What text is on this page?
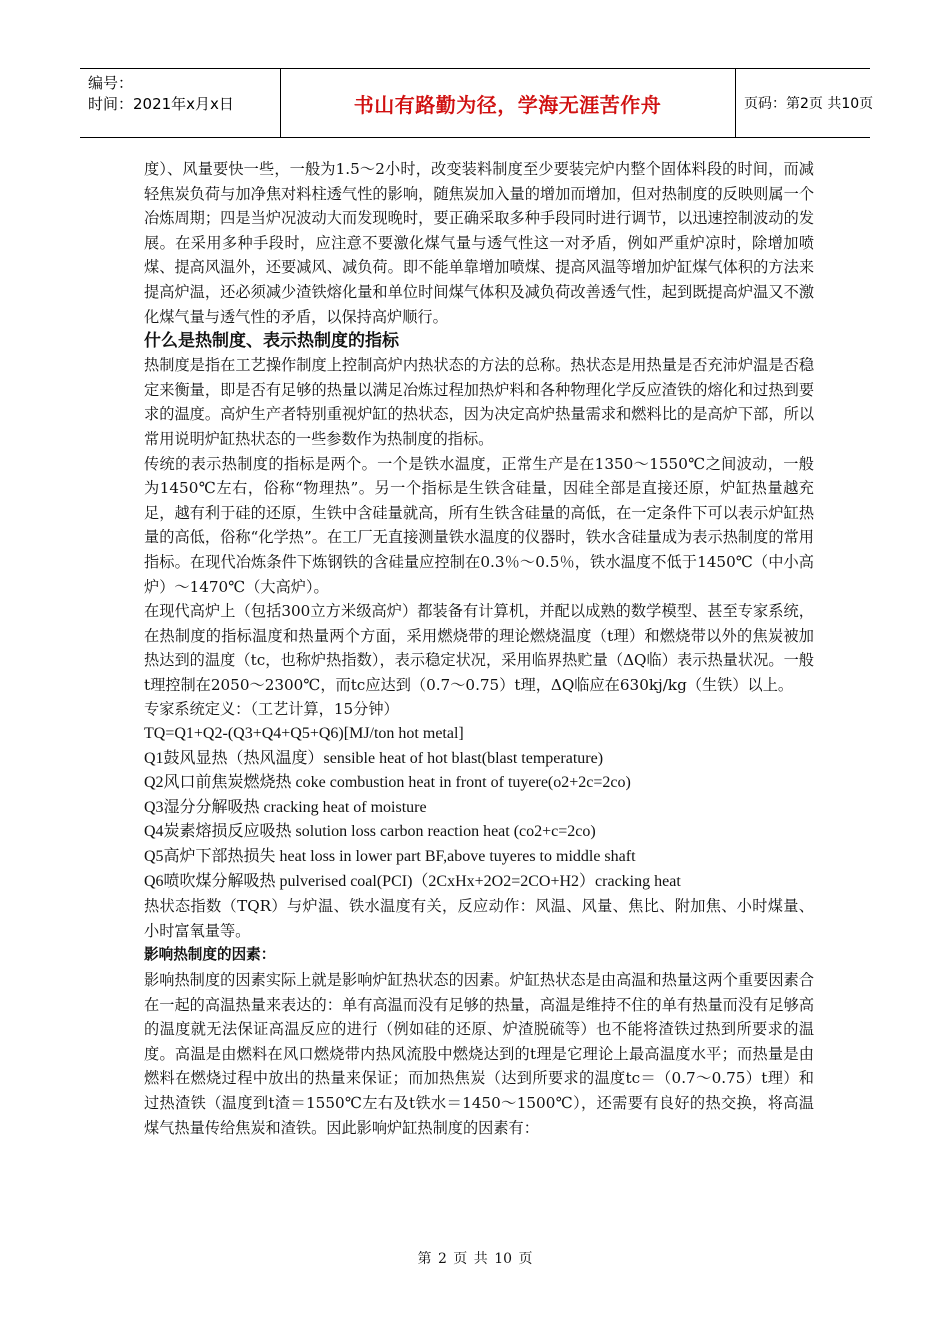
编号：
时间：2021年x月x日	书山有路勤为径，学海无涯苦作舟	页码：第2页 共10页

度）、风量要快一些，一般为1.5～2小时，改变装料制度至少要装完炉内整个固体料段的时间，而减轻焦炭负荷与加净焦对料柱透气性的影响，随焦炭加入量的增加而增加，但对热制度的反映则属一个冶炼周期；四是当炉况波动大而发现晚时，要正确采取多种手段同时进行调节，以迅速控制波动的发展。在采用多种手段时，应注意不要激化煤气量与透气性这一对矛盾，例如严重炉凉时，除增加喷煤、提高风温外，还要减风、减负荷。即不能单靠增加喷煤、提高风温等增加炉缸煤气体积的方法来提高炉温，还必须减少渣铁熔化量和单位时间煤气体积及减负荷改善透气性，起到既提高炉温又不激化煤气量与透气性的矛盾，以保持高炉顺行。

什么是热制度、表示热制度的指标

热制度是指在工艺操作制度上控制高炉内热状态的方法的总称。热状态是用热量是否充沛炉温是否稳定来衡量，即是否有足够的热量以满足冶炼过程加热炉料和各种物理化学反应渣铁的熔化和过热到要求的温度。高炉生产者特别重视炉缸的热状态，因为决定高炉热量需求和燃料比的是高炉下部，所以常用说明炉缸热状态的一些参数作为热制度的指标。

传统的表示热制度的指标是两个。一个是铁水温度，正常生产是在1350～1550℃之间波动，一般为1450℃左右，俗称“物理热”。另一个指标是生铁含硅量，因硅全部是直接还原，炉缸热量越充足，越有利于硅的还原，生铁中含硅量就高，所有生铁含硅量的高低，在一定条件下可以表示炉缸热量的高低，俗称“化学热”。在工厂无直接测量铁水温度的仪器时，铁水含硅量成为表示热制度的常用指标。在现代冶炼条件下炼钢铁的含硅量应控制在0.3％～0.5％，铁水温度不低于1450℃（中小高炉）～1470℃（大高炉）。

在现代高炉上（包括300立方米级高炉）都装备有计算机，并配以成熟的数学模型、甚至专家系统，在热制度的指标温度和热量两个方面，采用燃烧带的理论燃烧温度（t理）和燃烧带以外的焦炭被加热达到的温度（tc，也称炉热指数），表示稳定状况，采用临界热贮量（ΔQ临）表示热量状况。一般t理控制在2050～2300℃，而tc应达到（0.7～0.75）t理，ΔQ临应在630kj/kg（生铁）以上。

专家系统定义：（工艺计算，15分钟）

TQ=Q1+Q2-(Q3+Q4+Q5+Q6)[MJ/ton hot metal]

Q1鼓风显热（热风温度）sensible heat of hot blast(blast temperature)

Q2风口前焦炭燃烧热 coke combustion heat in front of tuyere(o2+2c=2co)

Q3湿分分解吸热 cracking heat of moisture

Q4炭素熔损反应吸热 solution loss carbon reaction heat (co2+c=2co)

Q5高炉下部热损失 heat loss in lower part BF,above tuyeres to middle shaft

Q6喷吹煤分解吸热 pulverised coal(PCI)（2CxHx+2O2=2CO+H2）cracking heat

热状态指数（TQR）与炉温、铁水温度有关，反应动作：风温、风量、焦比、附加焦、小时煤量、小时富氧量等。

影响热制度的因素：

影响热制度的因素实际上就是影响炉缸热状态的因素。炉缸热状态是由高温和热量这两个重要因素合在一起的高温热量来表达的：单有高温而没有足够的热量，高温是维持不住的单有热量而没有足够高的温度就无法保证高温反应的进行（例如硅的还原、炉渣脱硫等）也不能将渣铁过热到所要求的温度。高温是由燃料在风口燃烧带内热风流股中燃烧达到的t理是它理论上最高温度水平；而热量是由燃料在燃烧过程中放出的热量来保证；而加热焦炭（达到所要求的温度tc＝（0.7～0.75）t理）和过热渣铁（温度到t渣＝1550℃左右及t铁水＝1450～1500℃），还需要有良好的热交换，将高温煤气热量传给焦炭和渣铁。因此影响炉缸热制度的因素有：

第 2 页 共 10 页
